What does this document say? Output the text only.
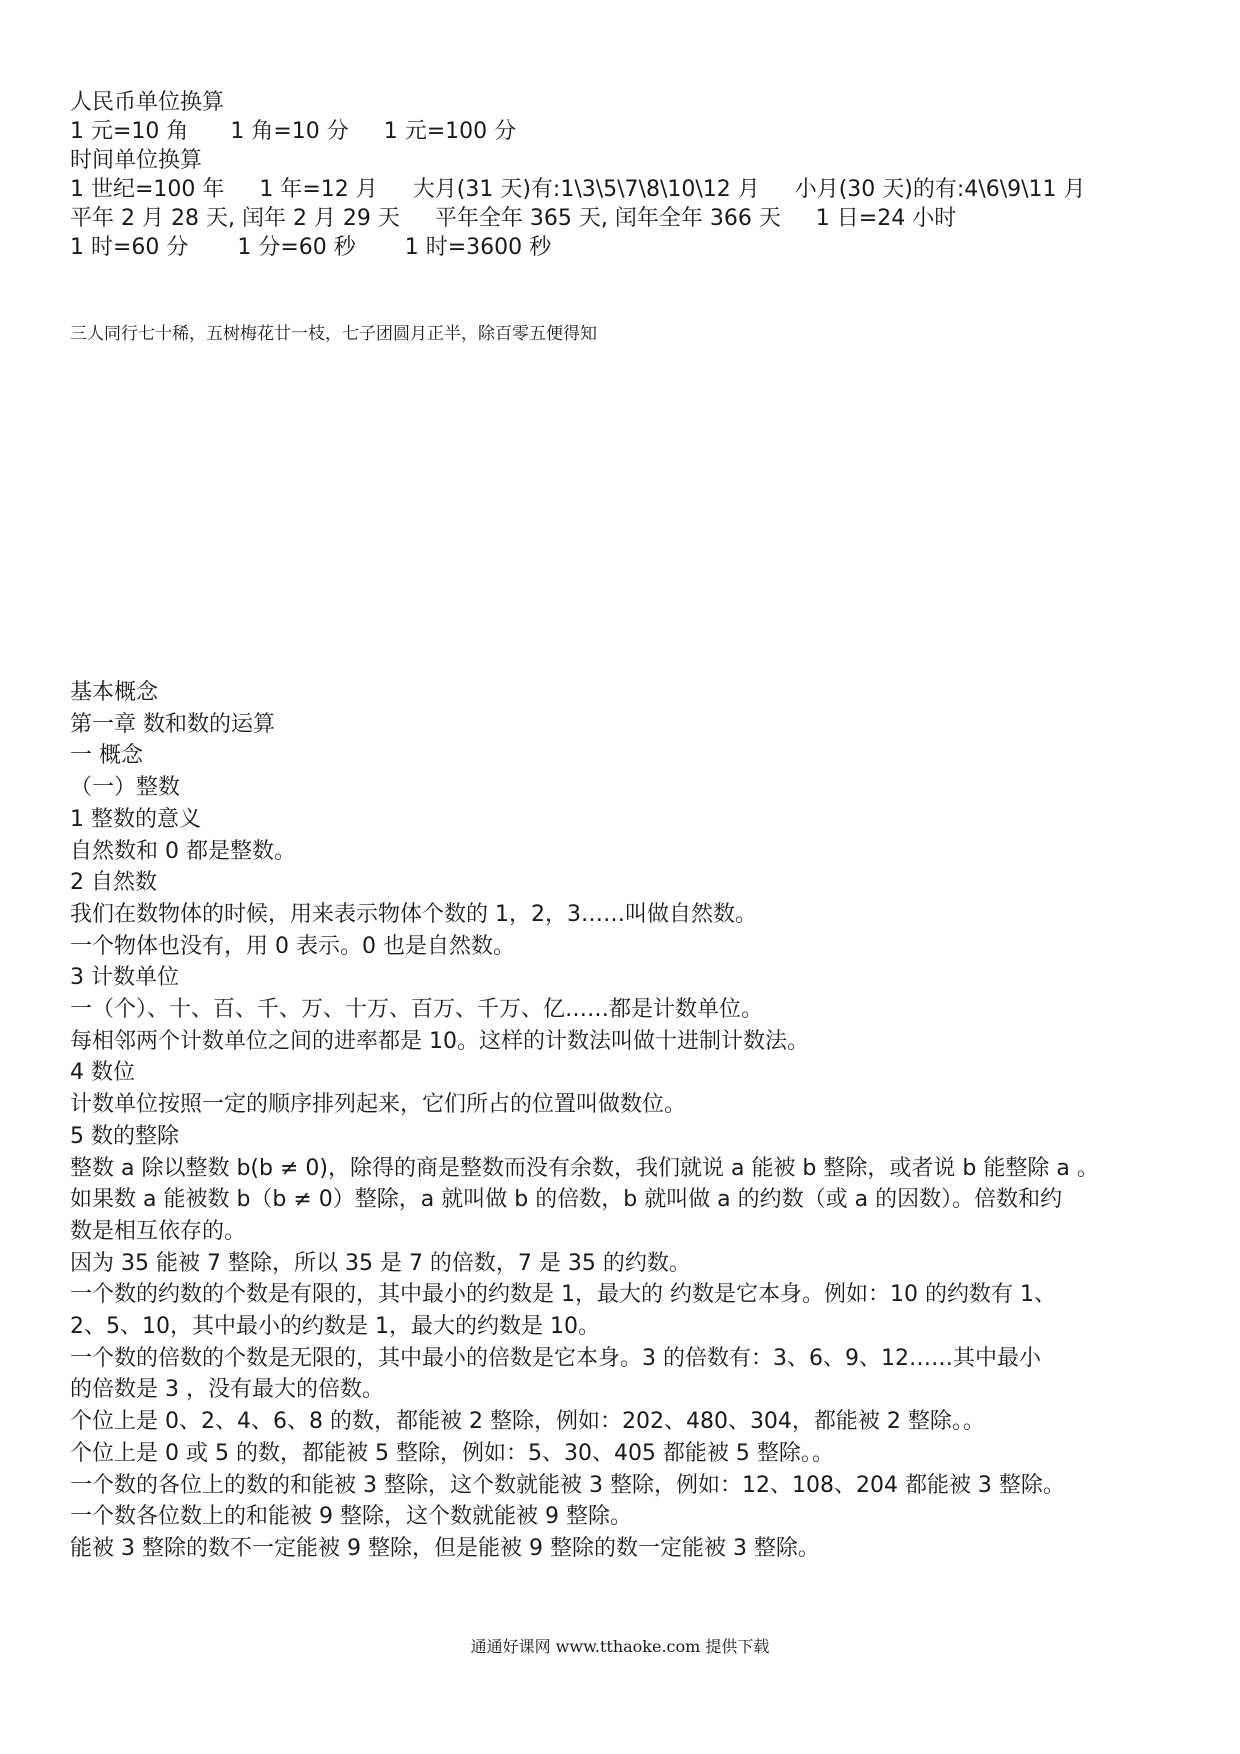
人民币单位换算

1 元=10 角      1 角=10 分     1 元=100 分

时间单位换算

1 世纪=100 年     1 年=12 月     大月(31 天)有:1\3\5\7\8\10\12 月     小月(30 天)的有:4\6\9\11 月

平年 2 月 28 天, 闰年 2 月 29 天     平年全年 365 天, 闰年全年 366 天     1 日=24 小时

1 时=60 分       1 分=60 秒       1 时=3600 秒

三人同行七十稀，五树梅花廿一枝，七子团圆月正半，除百零五便得知

基本概念

第一章 数和数的运算

一 概念

（一）整数

1 整数的意义

自然数和 0 都是整数。

2 自然数

我们在数物体的时候，用来表示物体个数的 1，2，3……叫做自然数。

一个物体也没有，用 0 表示。0 也是自然数。

3 计数单位

一（个）、十、百、千、万、十万、百万、千万、亿……都是计数单位。

每相邻两个计数单位之间的进率都是 10。这样的计数法叫做十进制计数法。

4 数位

计数单位按照一定的顺序排列起来，它们所占的位置叫做数位。

5 数的整除

整数 a 除以整数 b(b ≠ 0)，除得的商是整数而没有余数，我们就说 a 能被 b 整除，或者说 b 能整除 a 。

如果数 a 能被数 b（b ≠ 0）整除，a 就叫做 b 的倍数，b 就叫做 a 的约数（或 a 的因数）。倍数和约

数是相互依存的。

因为 35 能被 7 整除，所以 35 是 7 的倍数，7 是 35 的约数。

一个数的约数的个数是有限的，其中最小的约数是 1，最大的 约数是它本身。例如：10 的约数有 1、

2、5、10，其中最小的约数是 1，最大的约数是 10。

一个数的倍数的个数是无限的，其中最小的倍数是它本身。3 的倍数有：3、6、9、12……其中最小

的倍数是 3 ，没有最大的倍数。

个位上是 0、2、4、6、8 的数，都能被 2 整除，例如：202、480、304，都能被 2 整除。。

个位上是 0 或 5 的数，都能被 5 整除，例如：5、30、405 都能被 5 整除。。

一个数的各位上的数的和能被 3 整除，这个数就能被 3 整除，例如：12、108、204 都能被 3 整除。

一个数各位数上的和能被 9 整除，这个数就能被 9 整除。

能被 3 整除的数不一定能被 9 整除，但是能被 9 整除的数一定能被 3 整除。

通通好课网 www.tthaoke.com 提供下载
